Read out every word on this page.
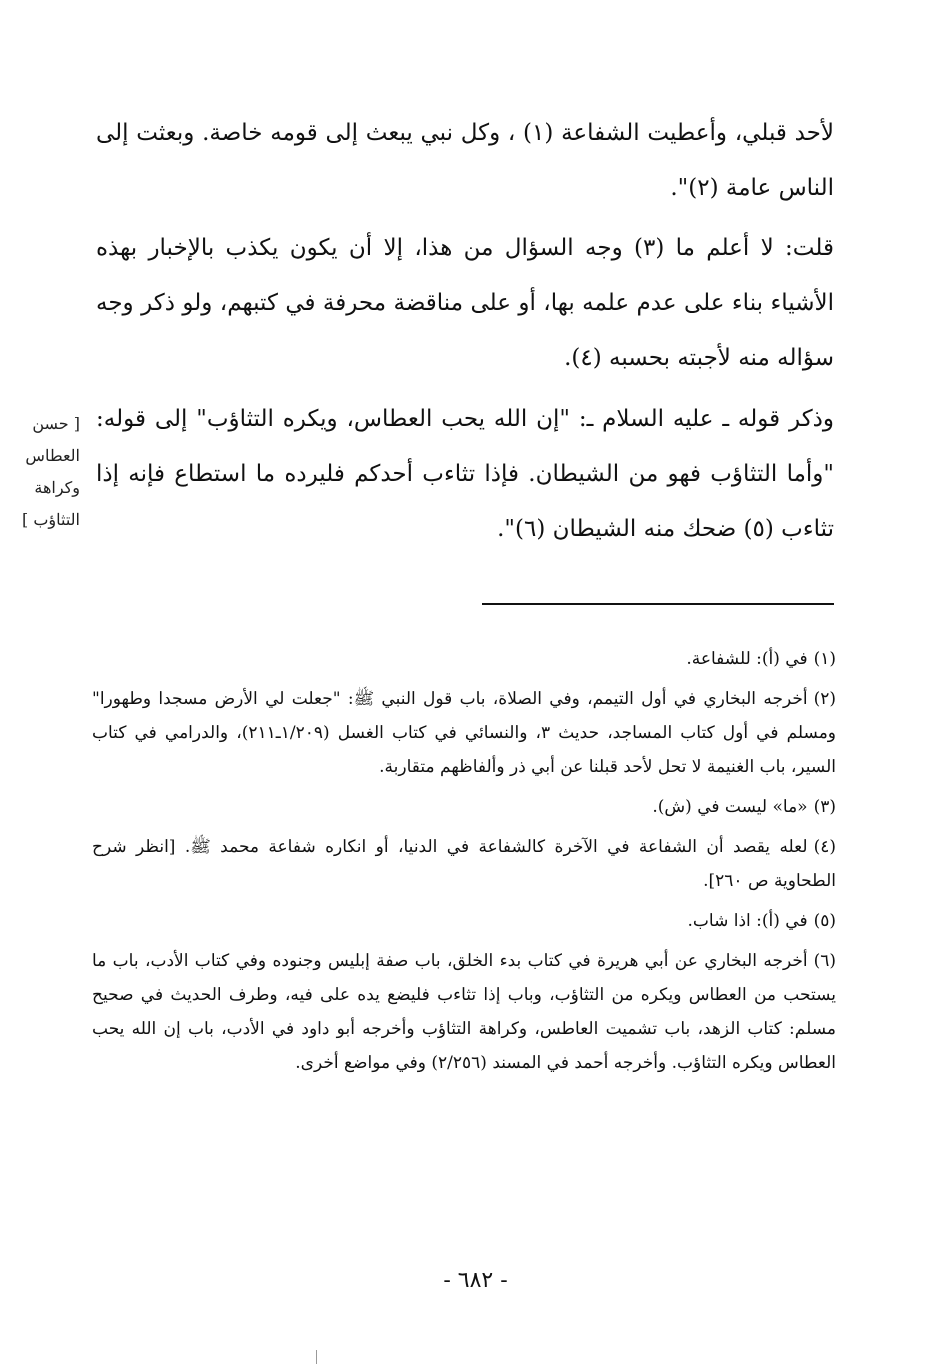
لأحد قبلي، وأعطيت الشفاعة (١) ، وكل نبي يبعث إلى قومه خاصة. وبعثت إلى الناس عامة (٢)".

قلت: لا أعلم ما (٣) وجه السؤال من هذا، إلا أن يكون يكذب بالإخبار بهذه الأشياء بناء على عدم علمه بها، أو على مناقضة محرفة في كتبهم، ولو ذكر وجه سؤاله منه لأجبته بحسبه (٤).

وذكر قوله ـ عليه السلام ـ: "إن الله يحب العطاس، ويكره التثاؤب" إلى قوله: "وأما التثاؤب فهو من الشيطان. فإذا تثاءب أحدكم فليرده ما استطاع فإنه إذا تثاءب (٥) ضحك منه الشيطان (٦)".

[ حسن
العطاس
وكراهة
التثاؤب ]

(١)في (أ): للشفاعة.

(٢)أخرجه البخاري في أول التيمم، وفي الصلاة، باب قول النبي ﷺ: "جعلت لي الأرض مسجدا وطهورا" ومسلم في أول كتاب المساجد، حديث ٣، والنسائي في كتاب الغسل (١/٢٠٩ـ٢١١)، والدرامي في كتاب السير، باب الغنيمة لا تحل لأحد قبلنا عن أبي ذر وألفاظهم متقاربة.

(٣)«ما» ليست في (ش).

(٤)لعله يقصد أن الشفاعة في الآخرة كالشفاعة في الدنيا، أو انكاره شفاعة محمد ﷺ. [انظر شرح الطحاوية ص ٢٦٠].

(٥)في (أ): اذا شاب.

(٦)أخرجه البخاري عن أبي هريرة في كتاب بدء الخلق، باب صفة إبليس وجنوده وفي كتاب الأدب، باب ما يستحب من العطاس ويكره من التثاؤب، وباب إذا تثاءب فليضع يده على فيه، وطرف الحديث في صحيح مسلم: كتاب الزهد، باب تشميت العاطس، وكراهة التثاؤب وأخرجه أبو داود في الأدب، باب إن الله يحب العطاس ويكره التثاؤب. وأخرجه أحمد في المسند (٢/٢٥٦) وفي مواضع أخرى.

- ٦٨٢ -
